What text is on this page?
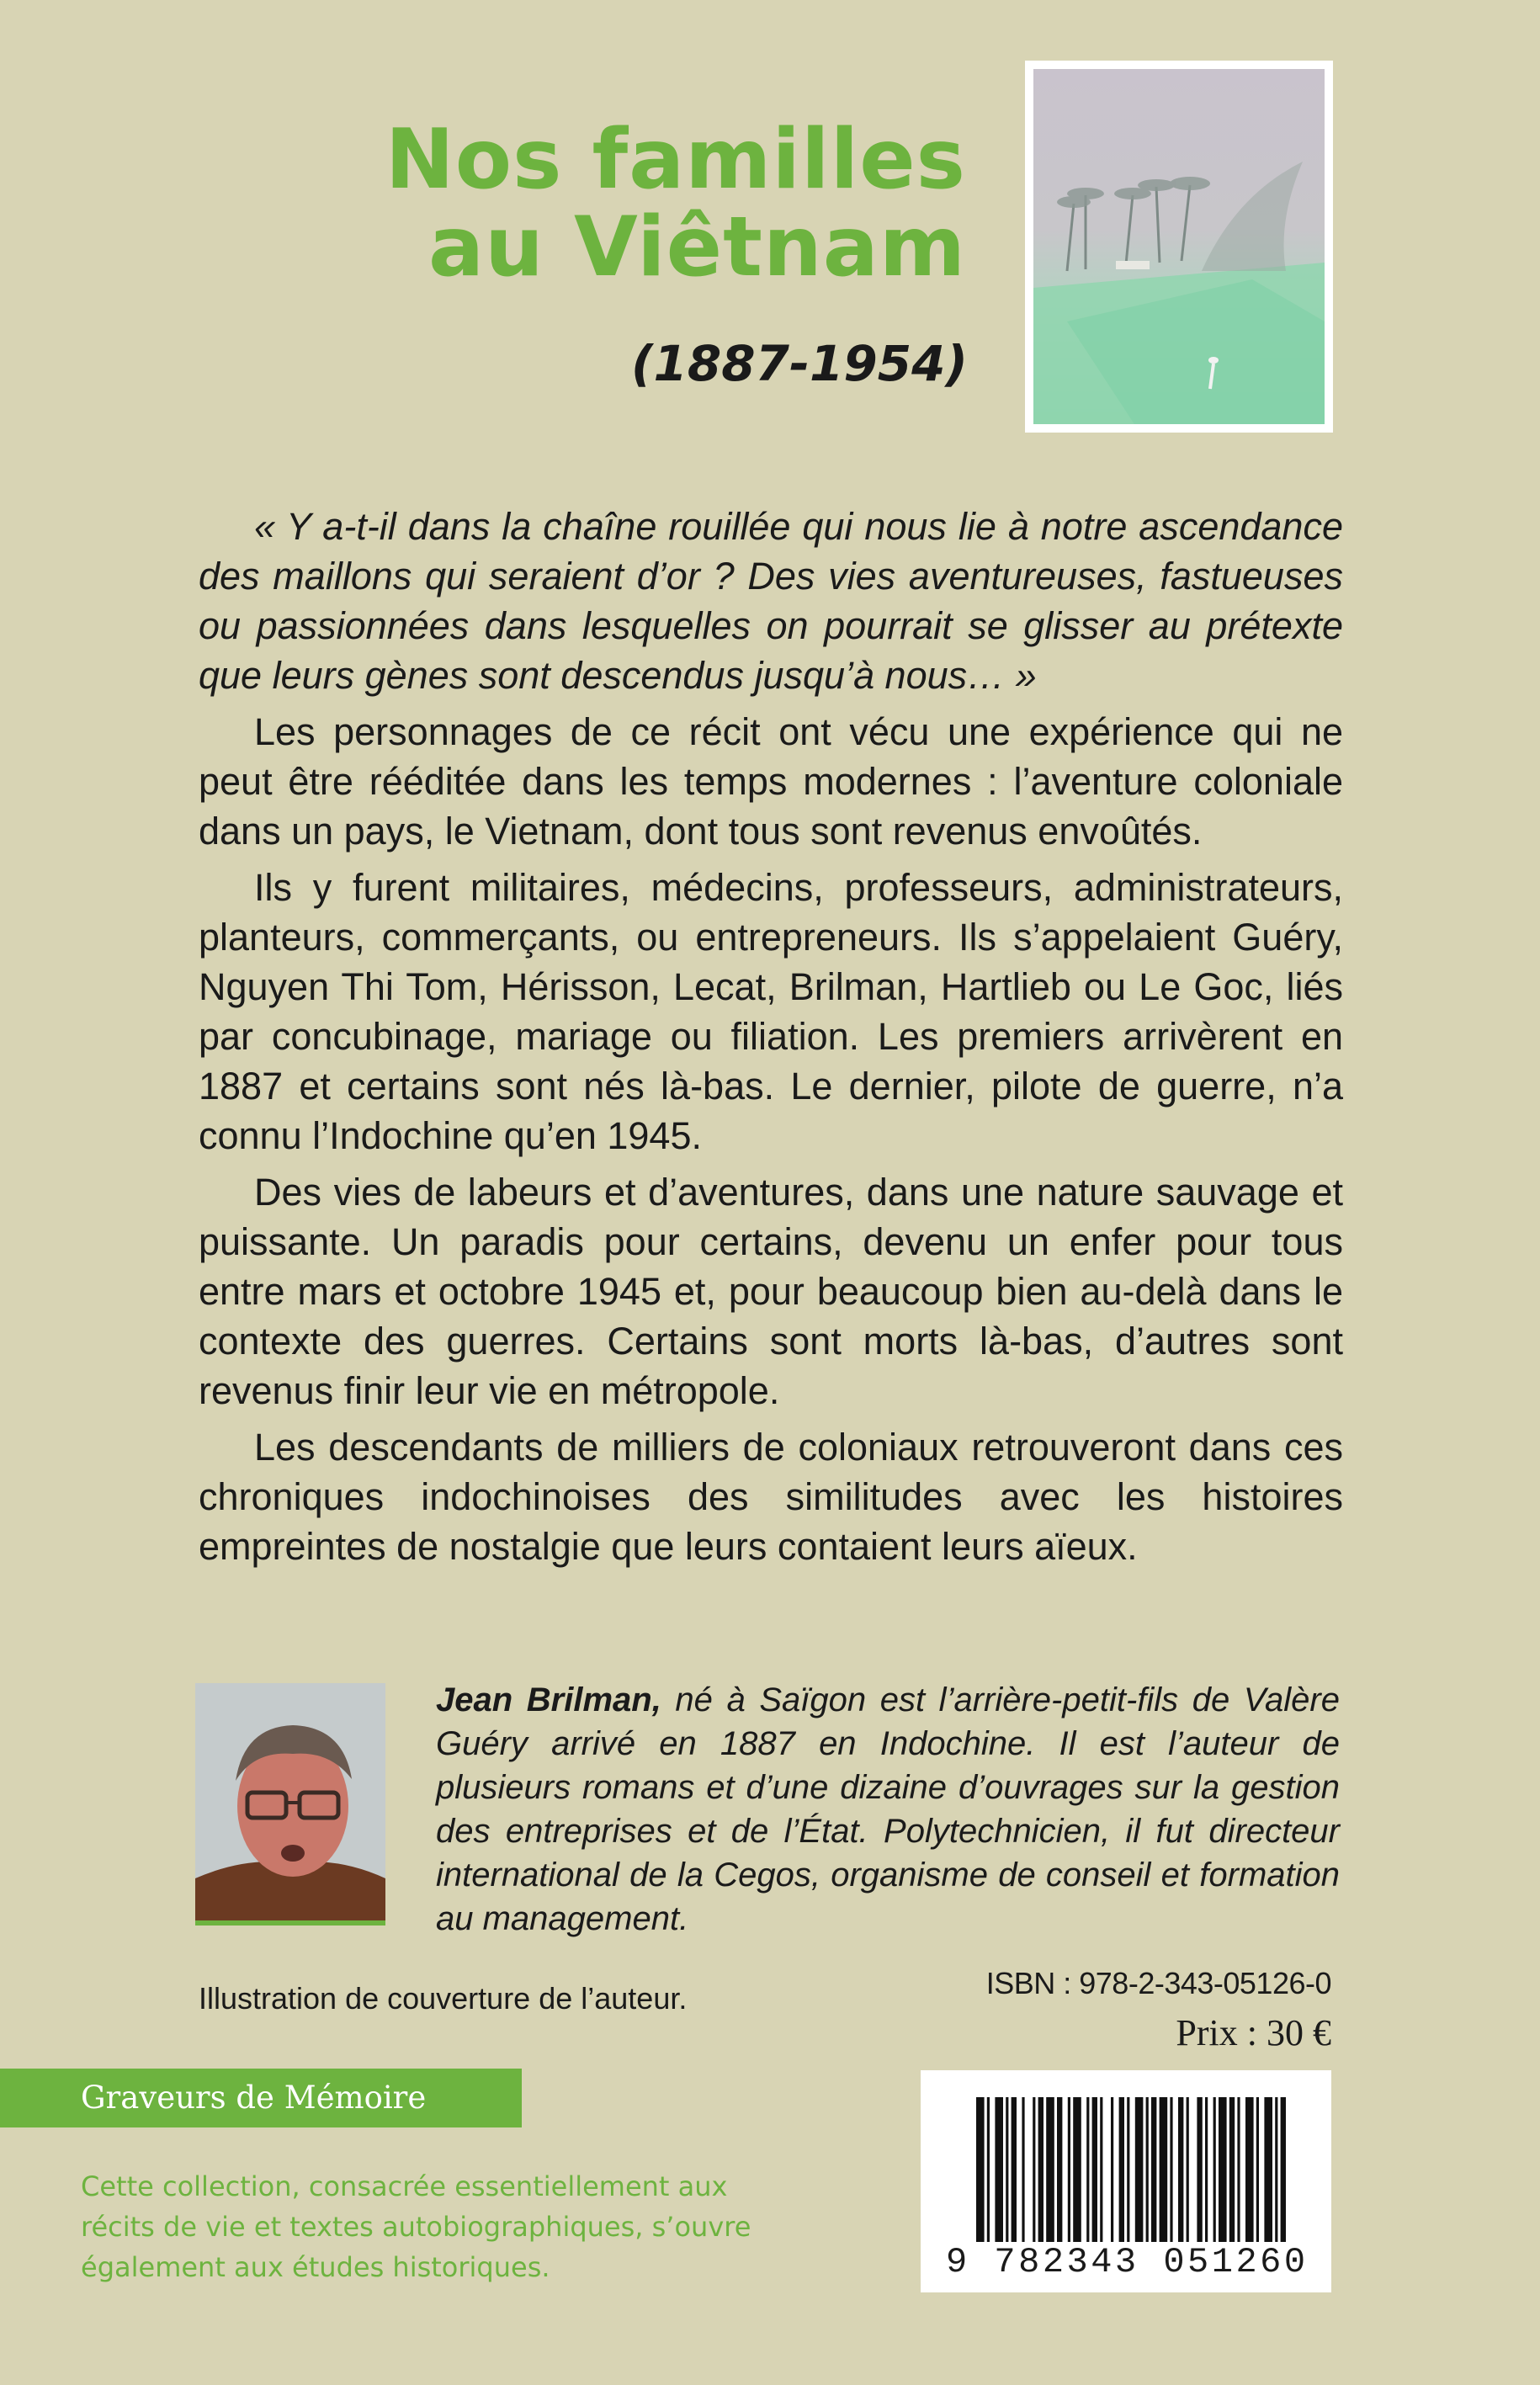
Nos familles
au Viêtnam
(1887-1954)

« Y a-t-il dans la chaîne rouillée qui nous lie à notre ascendance des maillons qui seraient d’or ? Des vies aventureuses, fastueuses ou passionnées dans lesquelles on pourrait se glisser au prétexte que leurs gènes sont descendus jusqu’à nous… »

Les personnages de ce récit ont vécu une expérience qui ne peut être rééditée dans les temps modernes : l’aventure coloniale dans un pays, le Vietnam, dont tous sont revenus envoûtés.

Ils y furent militaires, médecins, professeurs, administrateurs, planteurs, commerçants, ou entrepreneurs. Ils s’appelaient Guéry, Nguyen Thi Tom, Hérisson, Lecat, Brilman, Hartlieb ou Le Goc, liés par concubinage, mariage ou filiation. Les premiers arrivèrent en 1887 et certains sont nés là-bas. Le dernier, pilote de guerre, n’a connu l’Indochine qu’en 1945.

Des vies de labeurs et d’aventures, dans une nature sauvage et puissante. Un paradis pour certains, devenu un enfer pour tous entre mars et octobre 1945 et, pour beaucoup bien au-delà dans le contexte des guerres. Certains sont morts là-bas, d’autres sont revenus finir leur vie en métropole.

Les descendants de milliers de coloniaux retrouveront dans ces chroniques indochinoises des similitudes avec les histoires empreintes de nostalgie que leurs contaient leurs aïeux.

Jean Brilman, né à Saïgon est l’arrière-petit-fils de Valère Guéry arrivé en 1887 en Indochine. Il est l’auteur de plusieurs romans et d’une dizaine d’ouvrages sur la gestion des entreprises et de l’État. Polytechnicien, il fut directeur international de la Cegos, organisme de conseil et formation au management.
Illustration de couverture de l’auteur.	ISBN : 978-2-343-05126-0
Prix : 30 €
Graveurs de Mémoire
Cette collection, consacrée essentiellement aux récits de vie et textes autobiographiques, s’ouvre également aux études historiques.	9 782343 051260
